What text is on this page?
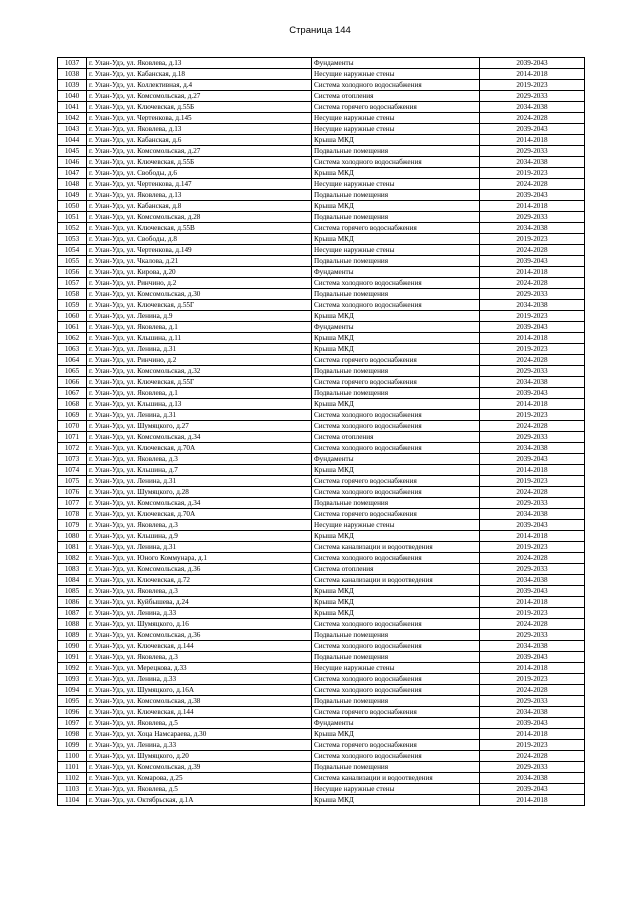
Страница 144
1037	г. Улан-Удэ, ул. Яковлева, д.13	Фундаменты	2039-2043
1038	г. Улан-Удэ, ул. Кабанская, д.18	Несущие наружные стены	2014-2018
1039	г. Улан-Удэ, ул. Коллективная, д.4	Система холодного водоснабжения	2019-2023
1040	г. Улан-Удэ, ул. Комсомольская, д.27	Система отопления	2029-2033
1041	г. Улан-Удэ, ул. Ключевская, д.55Б	Система горячего водоснабжения	2034-2038
1042	г. Улан-Удэ, ул. Чертенкова, д.145	Несущие наружные стены	2024-2028
1043	г. Улан-Удэ, ул. Яковлева, д.13	Несущие наружные стены	2039-2043
1044	г. Улан-Удэ, ул. Кабанская, д.6	Крыша МКД	2014-2018
1045	г. Улан-Удэ, ул. Комсомольская, д.27	Подвальные помещения	2029-2033
1046	г. Улан-Удэ, ул. Ключевская, д.55Б	Система холодного водоснабжения	2034-2038
1047	г. Улан-Удэ, ул. Свободы, д.6	Крыша МКД	2019-2023
1048	г. Улан-Удэ, ул. Чертенкова, д.147	Несущие наружные стены	2024-2028
1049	г. Улан-Удэ, ул. Яковлева, д.13	Подвальные помещения	2039-2043
1050	г. Улан-Удэ, ул. Кабанская, д.8	Крыша МКД	2014-2018
1051	г. Улан-Удэ, ул. Комсомольская, д.28	Подвальные помещения	2029-2033
1052	г. Улан-Удэ, ул. Ключевская, д.55В	Система горячего водоснабжения	2034-2038
1053	г. Улан-Удэ, ул. Свободы, д.8	Крыша МКД	2019-2023
1054	г. Улан-Удэ, ул. Чертенкова, д.149	Несущие наружные стены	2024-2028
1055	г. Улан-Удэ, ул. Чкалова, д.21	Подвальные помещения	2039-2043
1056	г. Улан-Удэ, ул. Кирова, д.20	Фундаменты	2014-2018
1057	г. Улан-Удэ, ул. Ринчино, д.2	Система холодного водоснабжения	2024-2028
1058	г. Улан-Удэ, ул. Комсомольская, д.30	Подвальные помещения	2029-2033
1059	г. Улан-Удэ, ул. Ключевская, д.55Г	Система холодного водоснабжения	2034-2038
1060	г. Улан-Удэ, ул. Ленина, д.9	Крыша МКД	2019-2023
1061	г. Улан-Удэ, ул. Яковлева, д.1	Фундаменты	2039-2043
1062	г. Улан-Удэ, ул. Кльшина, д.11	Крыша МКД	2014-2018
1063	г. Улан-Удэ, ул. Ленина, д.31	Крыша МКД	2019-2023
1064	г. Улан-Удэ, ул. Ринчино, д.2	Система горячего водоснабжения	2024-2028
1065	г. Улан-Удэ, ул. Комсомольская, д.32	Подвальные помещения	2029-2033
1066	г. Улан-Удэ, ул. Ключевская, д.55Г	Система горячего водоснабжения	2034-2038
1067	г. Улан-Удэ, ул. Яковлева, д.1	Подвальные помещения	2039-2043
1068	г. Улан-Удэ, ул. Кльшина, д.13	Крыша МКД	2014-2018
1069	г. Улан-Удэ, ул. Ленина, д.31	Система холодного водоснабжения	2019-2023
1070	г. Улан-Удэ, ул. Шумяцкого, д.27	Система холодного водоснабжения	2024-2028
1071	г. Улан-Удэ, ул. Комсомольская, д.34	Система отопления	2029-2033
1072	г. Улан-Удэ, ул. Ключевская, д.70А	Система холодного водоснабжения	2034-2038
1073	г. Улан-Удэ, ул. Яковлева, д.3	Фундаменты	2039-2043
1074	г. Улан-Удэ, ул. Кльшина, д.7	Крыша МКД	2014-2018
1075	г. Улан-Удэ, ул. Ленина, д.31	Система горячего водоснабжения	2019-2023
1076	г. Улан-Удэ, ул. Шумяцкого, д.28	Система холодного водоснабжения	2024-2028
1077	г. Улан-Удэ, ул. Комсомольская, д.34	Подвальные помещения	2029-2033
1078	г. Улан-Удэ, ул. Ключевская, д.70А	Система горячего водоснабжения	2034-2038
1079	г. Улан-Удэ, ул. Яковлева, д.3	Несущие наружные стены	2039-2043
1080	г. Улан-Удэ, ул. Кльшина, д.9	Крыша МКД	2014-2018
1081	г. Улан-Удэ, ул. Ленина, д.31	Система канализации и водоотведения	2019-2023
1082	г. Улан-Удэ, ул. Юного Коммунара, д.1	Система холодного водоснабжения	2024-2028
1083	г. Улан-Удэ, ул. Комсомольская, д.36	Система отопления	2029-2033
1084	г. Улан-Удэ, ул. Ключевская, д.72	Система канализации и водоотведения	2034-2038
1085	г. Улан-Удэ, ул. Яковлева, д.3	Крыша МКД	2039-2043
1086	г. Улан-Удэ, ул. Куйбышева, д.24	Крыша МКД	2014-2018
1087	г. Улан-Удэ, ул. Ленина, д.33	Крыша МКД	2019-2023
1088	г. Улан-Удэ, ул. Шумяцкого, д.16	Система холодного водоснабжения	2024-2028
1089	г. Улан-Удэ, ул. Комсомольская, д.36	Подвальные помещения	2029-2033
1090	г. Улан-Удэ, ул. Ключевская, д.144	Система холодного водоснабжения	2034-2038
1091	г. Улан-Удэ, ул. Яковлева, д.3	Подвальные помещения	2039-2043
1092	г. Улан-Удэ, ул. Мерецкова, д.33	Несущие наружные стены	2014-2018
1093	г. Улан-Удэ, ул. Ленина, д.33	Система холодного водоснабжения	2019-2023
1094	г. Улан-Удэ, ул. Шумяцкого, д.16А	Система холодного водоснабжения	2024-2028
1095	г. Улан-Удэ, ул. Комсомольская, д.38	Подвальные помещения	2029-2033
1096	г. Улан-Удэ, ул. Ключевская, д.144	Система горячего водоснабжения	2034-2038
1097	г. Улан-Удэ, ул. Яковлева, д.5	Фундаменты	2039-2043
1098	г. Улан-Удэ, ул. Хоца Намсараева, д.30	Крыша МКД	2014-2018
1099	г. Улан-Удэ, ул. Ленина, д.33	Система горячего водоснабжения	2019-2023
1100	г. Улан-Удэ, ул. Шумяцкого, д.20	Система холодного водоснабжения	2024-2028
1101	г. Улан-Удэ, ул. Комсомольская, д.39	Подвальные помещения	2029-2033
1102	г. Улан-Удэ, ул. Комарова, д.25	Система канализации и водоотведения	2034-2038
1103	г. Улан-Удэ, ул. Яковлева, д.5	Несущие наружные стены	2039-2043
1104	г. Улан-Удэ, ул. Октябрьская, д.1А	Крыша МКД	2014-2018
